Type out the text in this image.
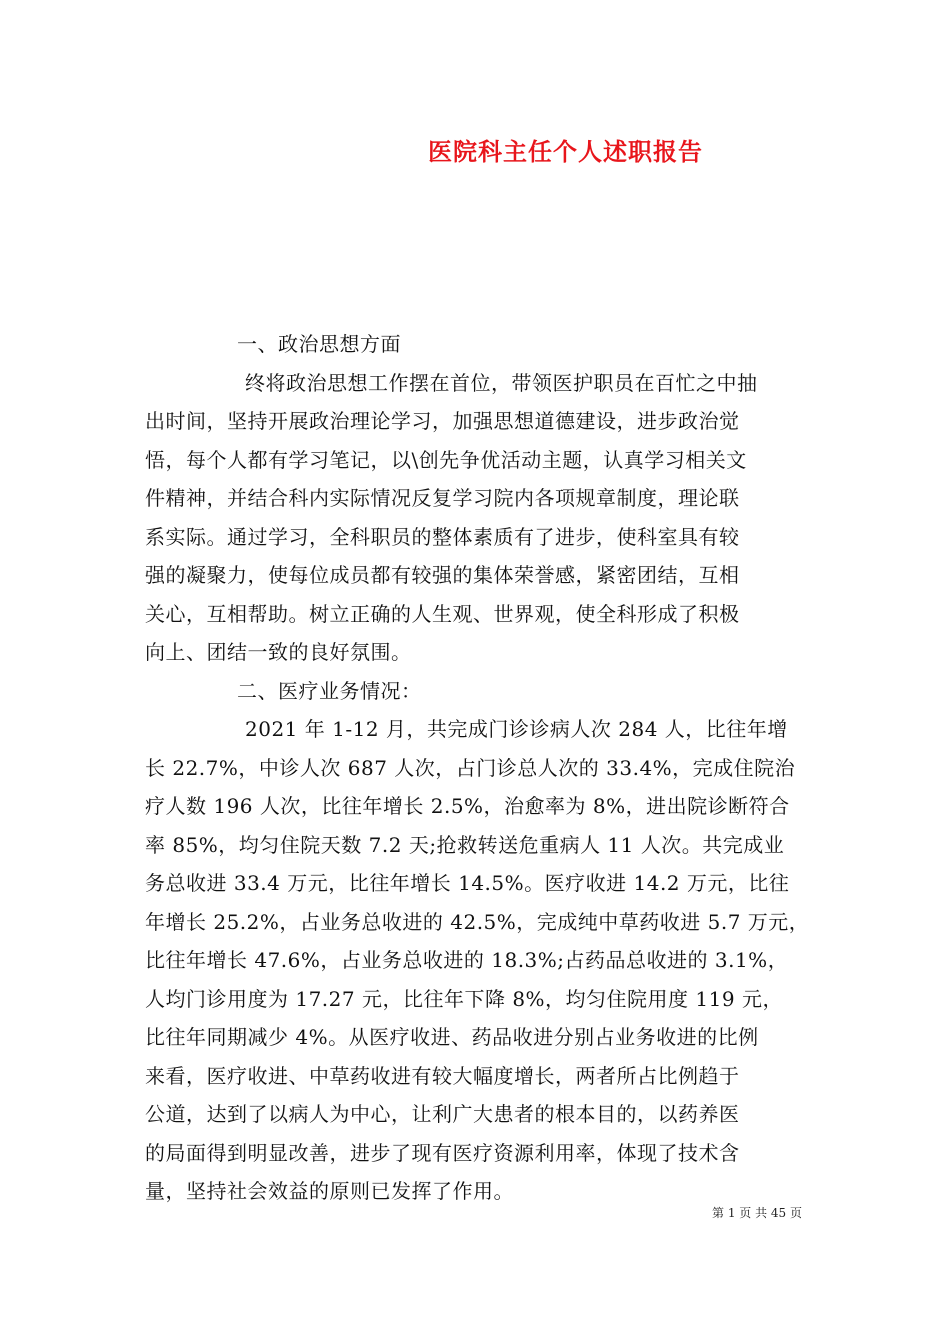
医院科主任个人述职报告
一、政治思想方面
终将政治思想工作摆在首位，带领医护职员在百忙之中抽
出时间，坚持开展政治理论学习，加强思想道德建设，进步政治觉
悟，每个人都有学习笔记，以\创先争优活动主题，认真学习相关文
件精神，并结合科内实际情况反复学习院内各项规章制度，理论联
系实际。通过学习，全科职员的整体素质有了进步，使科室具有较
强的凝聚力，使每位成员都有较强的集体荣誉感，紧密团结，互相
关心，互相帮助。树立正确的人生观、世界观，使全科形成了积极
向上、团结一致的良好氛围。
二、医疗业务情况：
2021 年 1-12 月，共完成门诊诊病人次 284 人，比往年增
长 22.7%，中诊人次 687 人次，占门诊总人次的 33.4%，完成住院治
疗人数 196 人次，比往年增长 2.5%，治愈率为 8%，进出院诊断符合
率 85%，均匀住院天数 7.2 天;抢救转送危重病人 11 人次。共完成业
务总收进 33.4 万元，比往年增长 14.5%。医疗收进 14.2 万元，比往
年增长 25.2%，占业务总收进的 42.5%，完成纯中草药收进 5.7 万元，
比往年增长 47.6%，占业务总收进的 18.3%;占药品总收进的 3.1%，
人均门诊用度为 17.27 元，比往年下降 8%，均匀住院用度 119 元，
比往年同期减少 4%。从医疗收进、药品收进分别占业务收进的比例
来看，医疗收进、中草药收进有较大幅度增长，两者所占比例趋于
公道，达到了以病人为中心，让利广大患者的根本目的，以药养医
的局面得到明显改善，进步了现有医疗资源利用率，体现了技术含
量，坚持社会效益的原则已发挥了作用。
第 1 页 共 45 页
